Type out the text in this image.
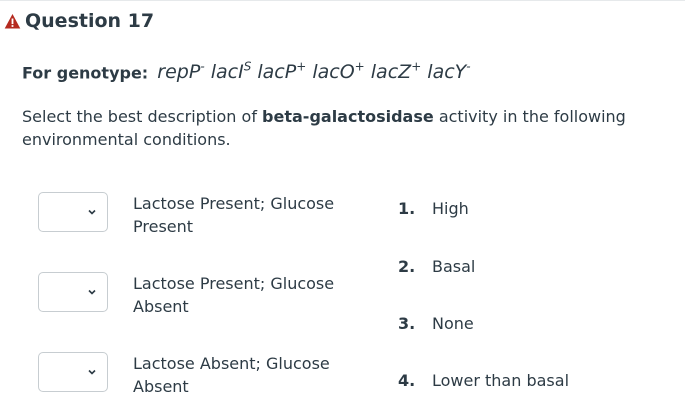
Question 17
For genotype: repP- lacI$^S$ lacP+ lacO+ lacZ+ lacY-
Select the best description of beta-galactosidase activity in the following environmental conditions.
Lactose Present; Glucose Present
Lactose Present; Glucose Absent
Lactose Absent; Glucose Absent
1. High
2. Basal
3. None
4. Lower than basal
